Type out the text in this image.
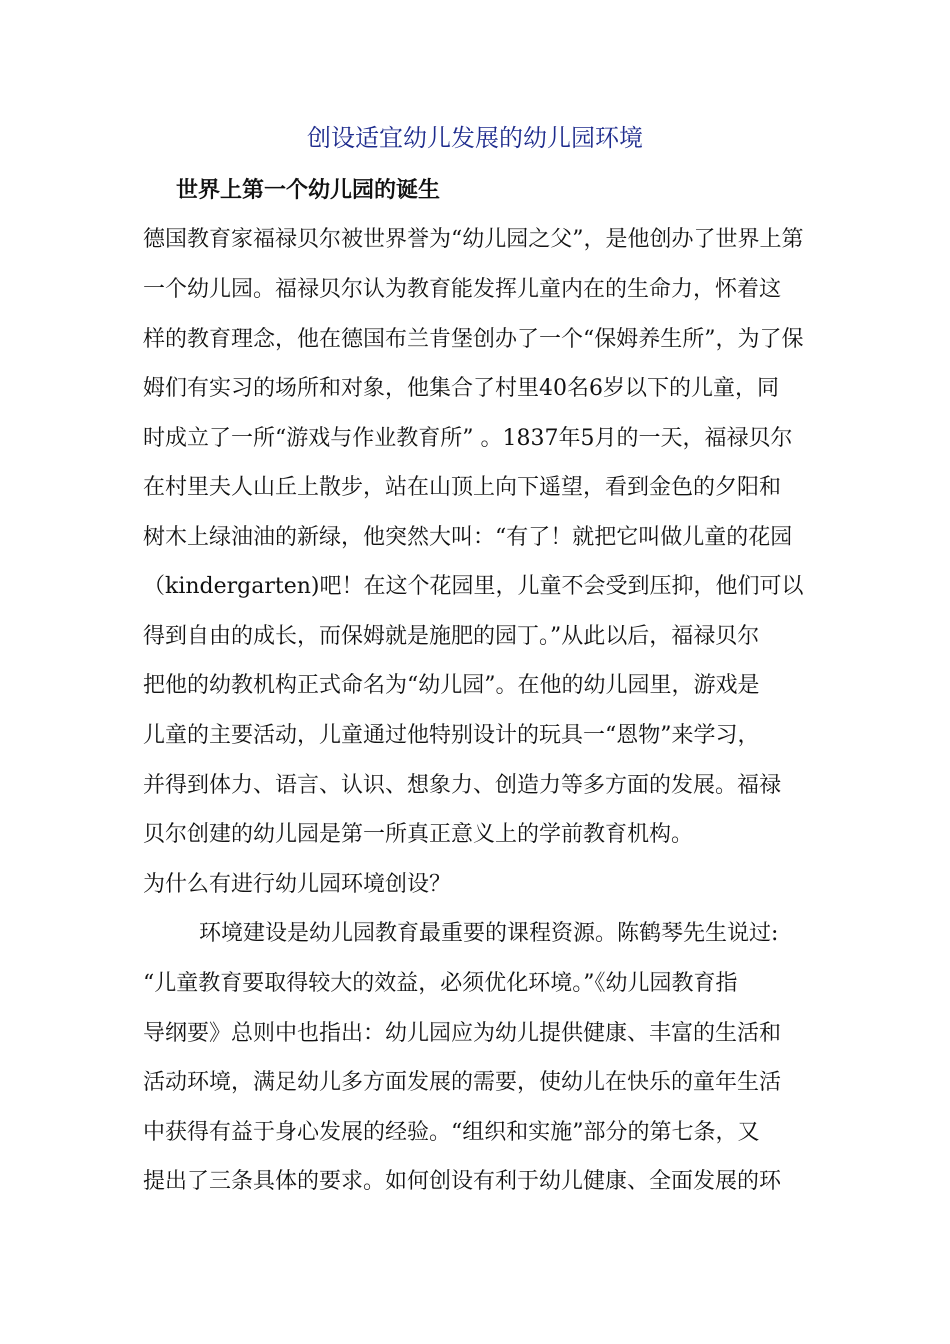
创设适宜幼儿发展的幼儿园环境
世界上第一个幼儿园的诞生
德国教育家福禄贝尔被世界誉为“幼儿园之父”，是他创办了世界上第
一个幼儿园。福禄贝尔认为教育能发挥儿童内在的生命力，怀着这
样的教育理念，他在德国布兰肯堡创办了一个“保姆养生所”，为了保
姆们有实习的场所和对象，他集合了村里40名6岁以下的儿童，同
时成立了一所“游戏与作业教育所” 。1837年5月的一天，福禄贝尔
在村里夫人山丘上散步，站在山顶上向下遥望，看到金色的夕阳和
树木上绿油油的新绿，他突然大叫：“有了！就把它叫做儿童的花园
（kindergarten)吧！在这个花园里，儿童不会受到压抑，他们可以
得到自由的成长，而保姆就是施肥的园丁。”从此以后，福禄贝尔
把他的幼教机构正式命名为“幼儿园”。在他的幼儿园里，游戏是
儿童的主要活动，儿童通过他特别设计的玩具一“恩物”来学习，
并得到体力、语言、认识、想象力、创造力等多方面的发展。福禄
贝尔创建的幼儿园是第一所真正意义上的学前教育机构。
为什么有进行幼儿园环境创设？
环境建设是幼儿园教育最重要的课程资源。陈鹤琴先生说过:
“儿童教育要取得较大的效益，必须优化环境。”《幼儿园教育指
导纲要》总则中也指出：幼儿园应为幼儿提供健康、丰富的生活和
活动环境，满足幼儿多方面发展的需要，使幼儿在快乐的童年生活
中获得有益于身心发展的经验。“组织和实施”部分的第七条，又
提出了三条具体的要求。如何创设有利于幼儿健康、全面发展的环
